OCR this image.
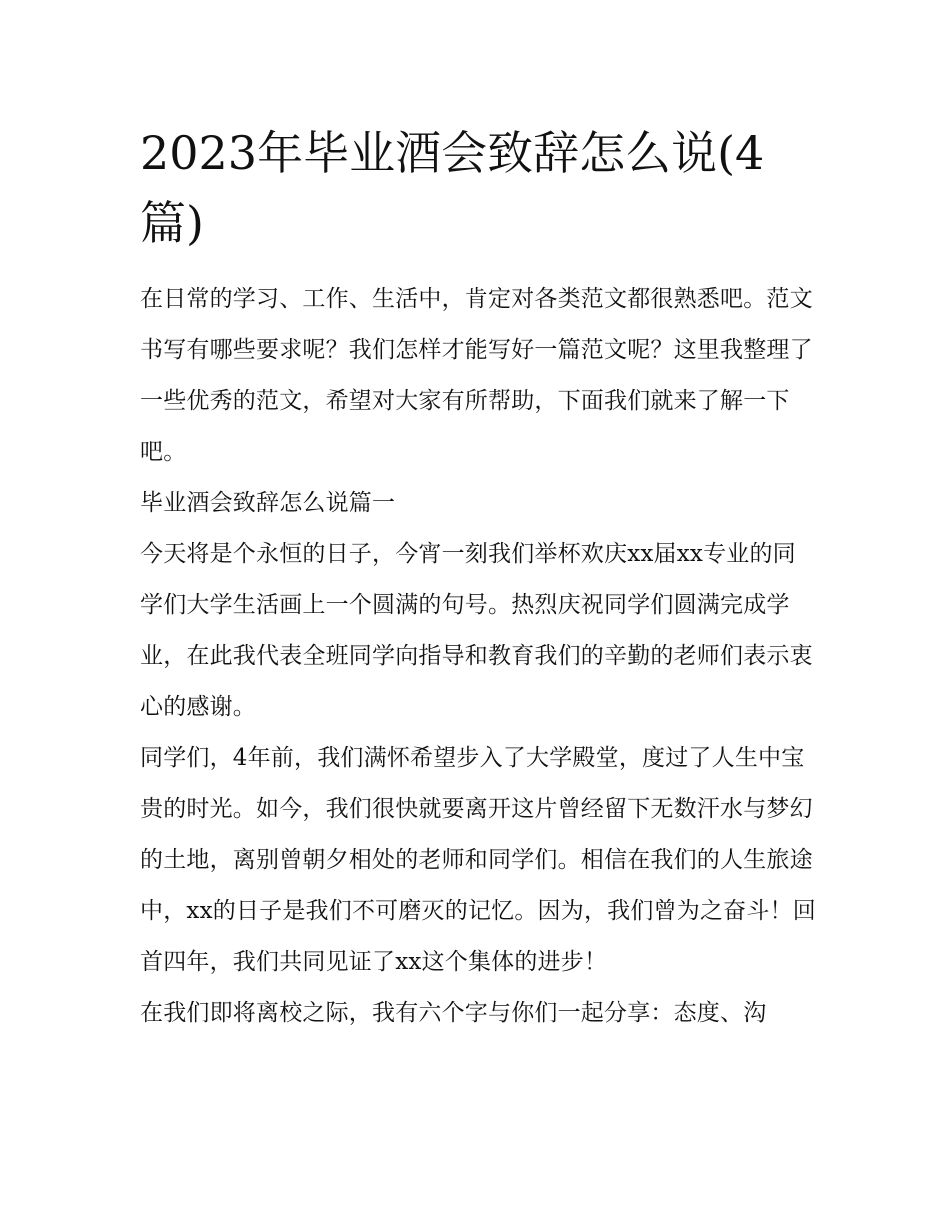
2023年毕业酒会致辞怎么说(4篇)

在日常的学习、工作、生活中，肯定对各类范文都很熟悉吧。范文书写有哪些要求呢？我们怎样才能写好一篇范文呢？这里我整理了一些优秀的范文，希望对大家有所帮助，下面我们就来了解一下吧。

毕业酒会致辞怎么说篇一

今天将是个永恒的日子，今宵一刻我们举杯欢庆xx届xx专业的同学们大学生活画上一个圆满的句号。热烈庆祝同学们圆满完成学业，在此我代表全班同学向指导和教育我们的辛勤的老师们表示衷心的感谢。

同学们，4年前，我们满怀希望步入了大学殿堂，度过了人生中宝贵的时光。如今，我们很快就要离开这片曾经留下无数汗水与梦幻的土地，离别曾朝夕相处的老师和同学们。相信在我们的人生旅途中，xx的日子是我们不可磨灭的记忆。因为，我们曾为之奋斗！回首四年，我们共同见证了xx这个集体的进步！

在我们即将离校之际，我有六个字与你们一起分享：态度、沟
